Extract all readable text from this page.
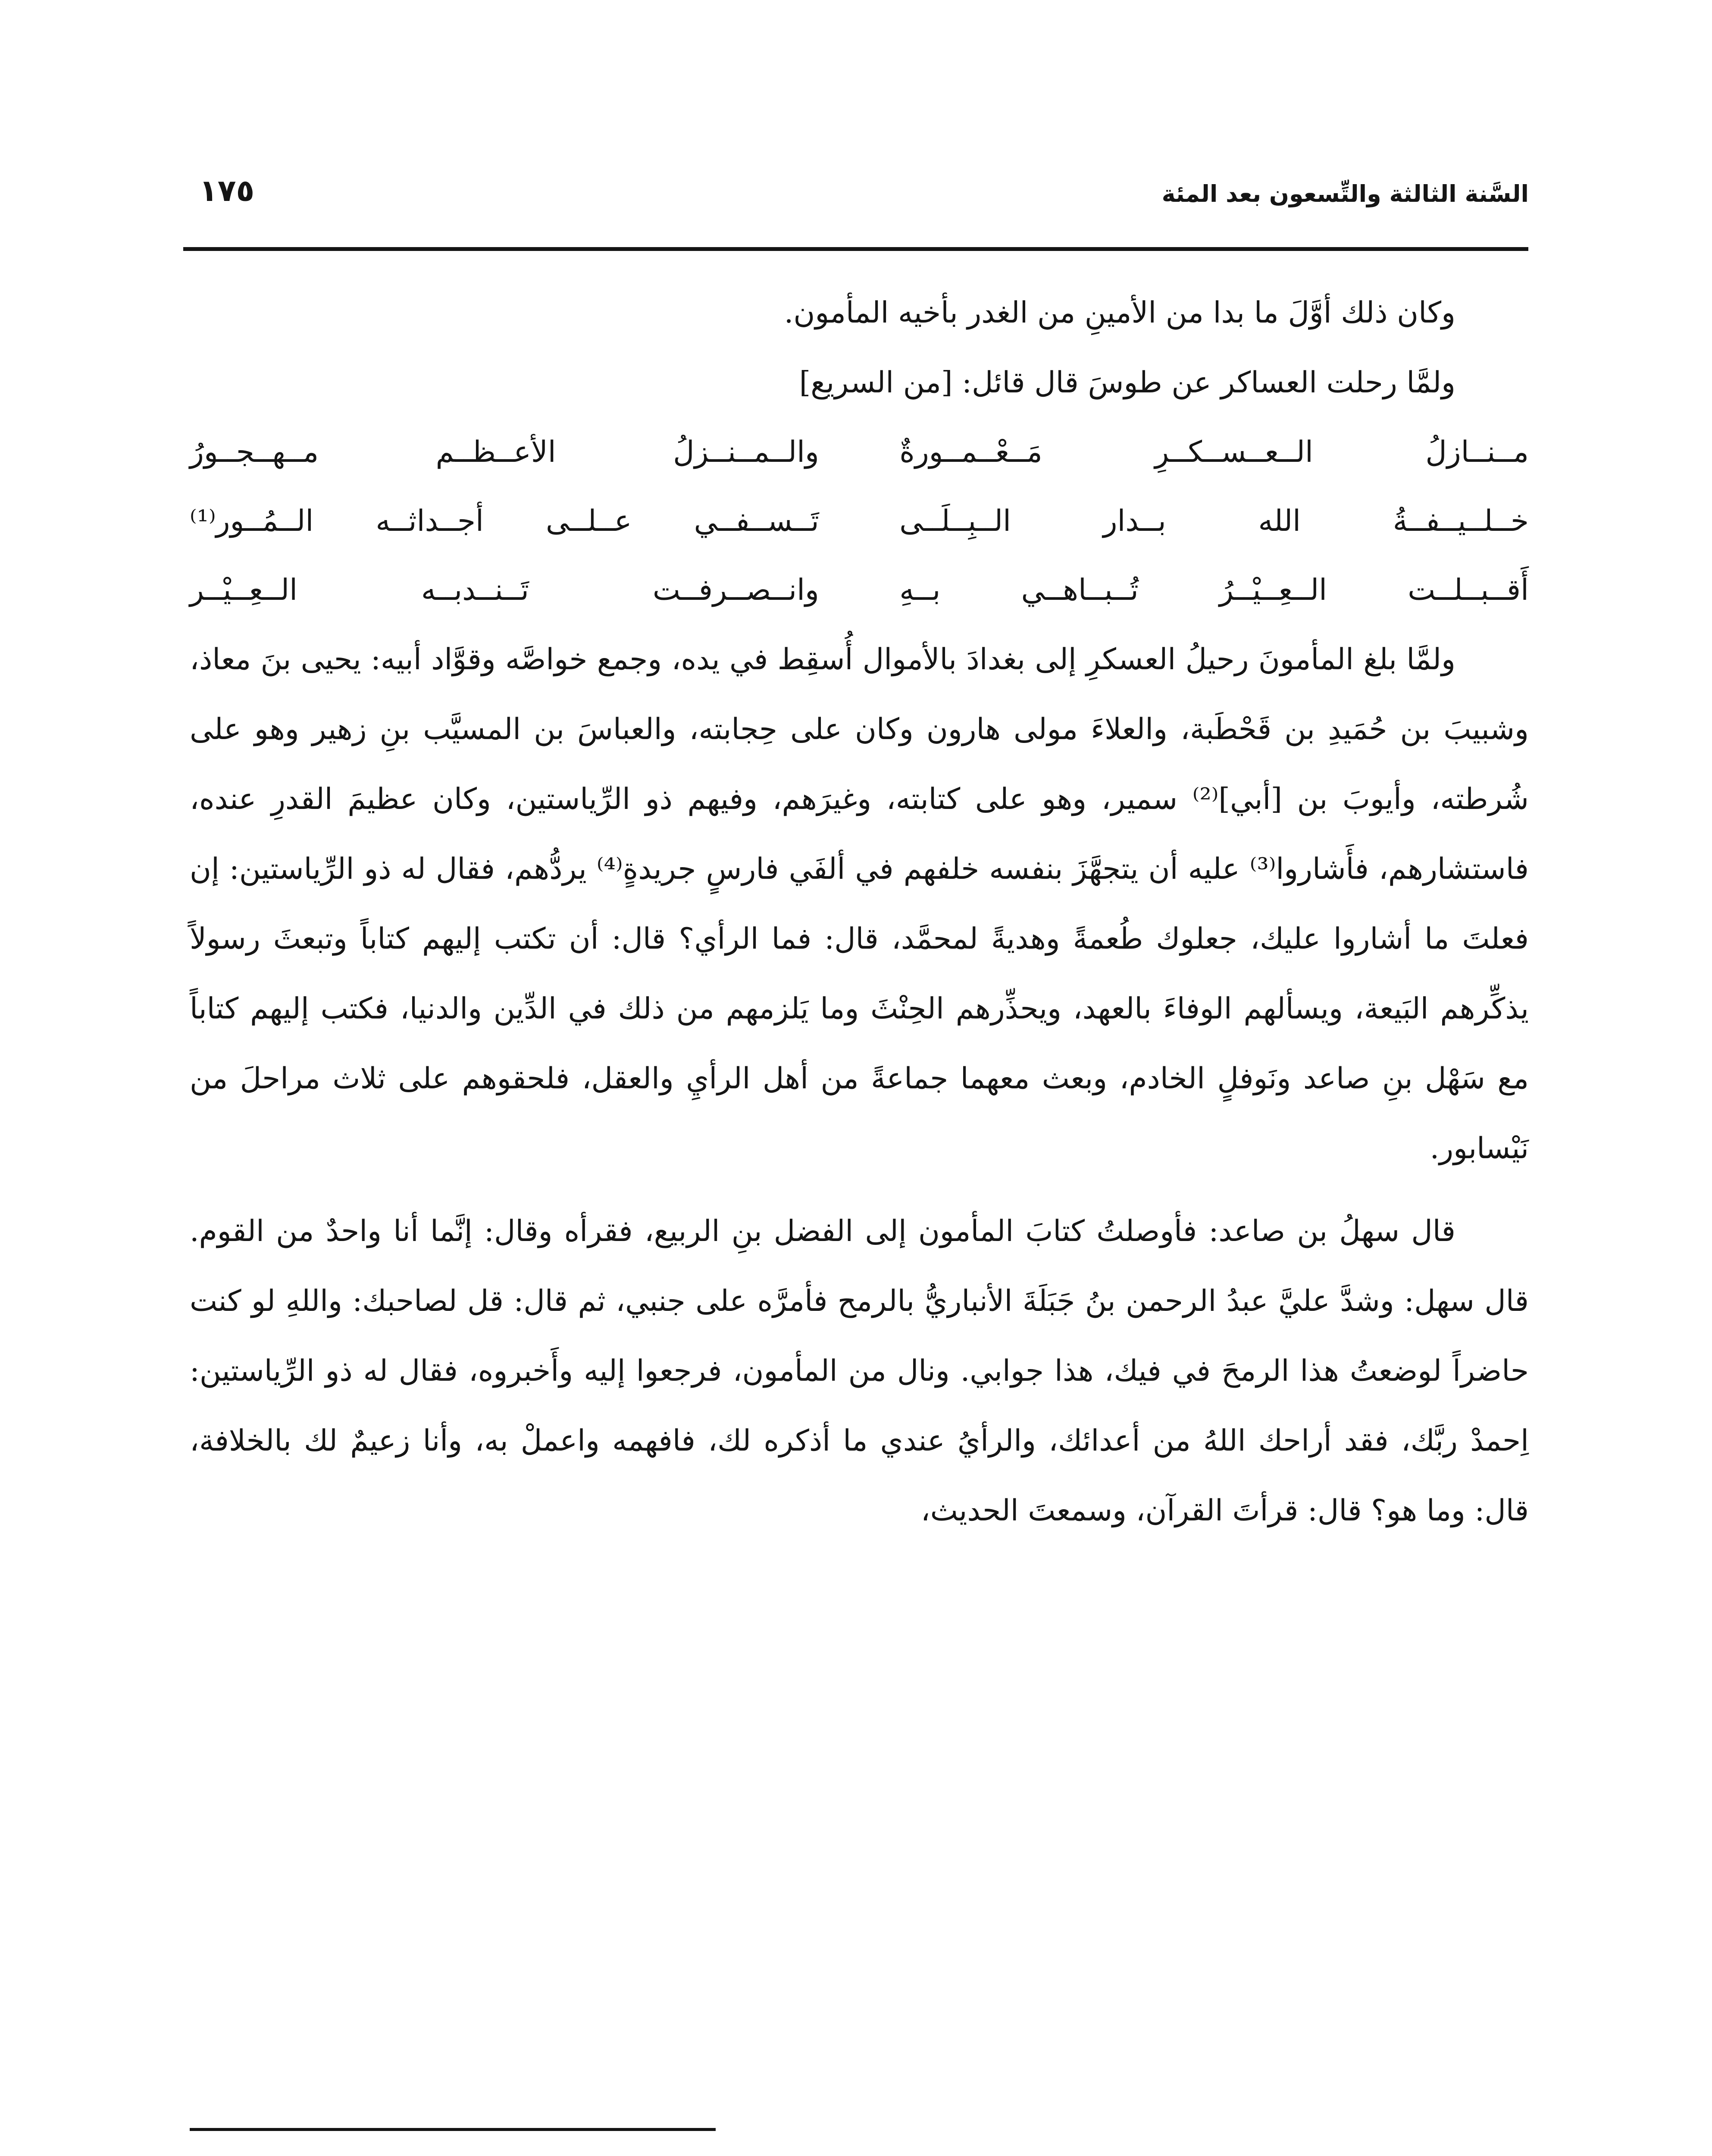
السَّنة الثالثة والتِّسعون بعد المئة
١٧٥

وكان ذلك أوَّلَ ما بدا من الأمينِ من الغدر بأخيه المأمون.

ولمَّا رحلت العساكر عن طوسَ قال قائل: [من السريع]

مــنــازلُ الــعــســكــرِ مَــعْــمــورةٌ
والــمــنــزلُ الأعــظــم مــهــجــورُ
خــلــيــفــةُ الله بــدار الــبِــلَــى
تَــســفــي عــلــى أجــداثــه الــمُــور⁽¹⁾
أَقــبــلــت الــعِــيْــرُ تُــبــاهــي بــهِ
وانــصــرفــت تَــنــدبــه الــعِــيْــر

ولمَّا بلغ المأمونَ رحيلُ العسكرِ إلى بغدادَ بالأموال أُسقِط في يده، وجمع خواصَّه وقوَّاد أبيه: يحيى بنَ معاذ، وشبيبَ بن حُمَيدِ بن قَحْطَبة، والعلاءَ مولى هارون وكان على حِجابته، والعباسَ بن المسيَّب بنِ زهير وهو على شُرطته، وأيوبَ بن [أبي]⁽²⁾ سمير، وهو على كتابته، وغيرَهم، وفيهم ذو الرِّياستين، وكان عظيمَ القدرِ عنده، فاستشارهم، فأَشاروا⁽³⁾ عليه أن يتجهَّزَ بنفسه خلفهم في ألفَي فارسٍ جريدةٍ⁽⁴⁾ يردُّهم، فقال له ذو الرِّياستين: إن فعلتَ ما أشاروا عليك، جعلوك طُعمةً وهديةً لمحمَّد، قال: فما الرأي؟ قال: أن تكتب إليهم كتاباً وتبعثَ رسولاً يذكِّرهم البَيعة، ويسألهم الوفاءَ بالعهد، ويحذِّرهم الحِنْثَ وما يَلزمهم من ذلك في الدِّين والدنيا، فكتب إليهم كتاباً مع سَهْل بنِ صاعد ونَوفلٍ الخادم، وبعث معهما جماعةً من أهل الرأيِ والعقل، فلحقوهم على ثلاث مراحلَ من نَيْسابور.

قال سهلُ بن صاعد: فأوصلتُ كتابَ المأمون إلى الفضل بنِ الربيع، فقرأه وقال: إنَّما أنا واحدٌ من القوم. قال سهل: وشدَّ عليَّ عبدُ الرحمن بنُ جَبَلَةَ الأنباريُّ بالرمح فأمرَّه على جنبي، ثم قال: قل لصاحبك: واللهِ لو كنت حاضراً لوضعتُ هذا الرمحَ في فيك، هذا جوابي. ونال من المأمون، فرجعوا إليه وأَخبروه، فقال له ذو الرِّياستين: اِحمدْ ربَّك، فقد أراحك اللهُ من أعدائك، والرأيُ عندي ما أذكره لك، فافهمه واعملْ به، وأنا زعيمٌ لك بالخلافة، قال: وما هو؟ قال: قرأتَ القرآن، وسمعتَ الحديث،
